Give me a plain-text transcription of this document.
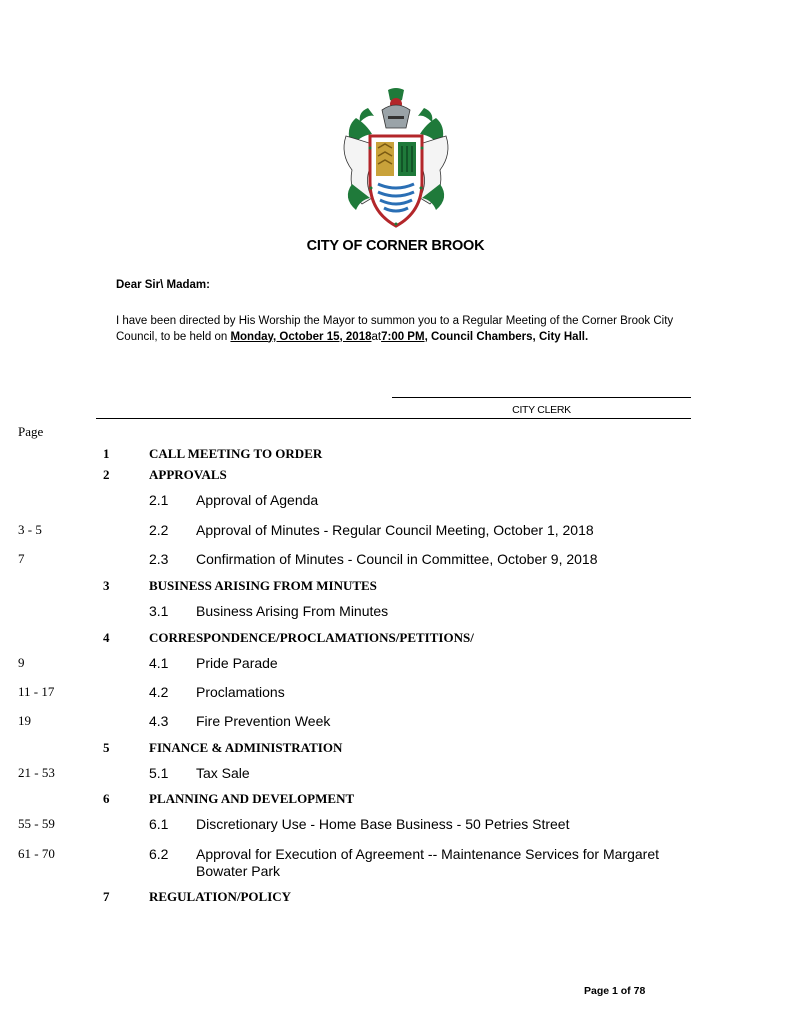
CITY OF CORNER BROOK
Dear Sir\ Madam:
I have been directed by His Worship the Mayor to summon you to a Regular Meeting of the Corner Brook City Council, to be held on Monday, October 15, 2018at7:00 PM, Council Chambers, City Hall.
CITY CLERK
Page
1	CALL MEETING TO ORDER
2	APPROVALS
2.1 Approval of Agenda
3 - 5	2.2 Approval of Minutes - Regular Council Meeting, October 1, 2018
7	2.3 Confirmation of Minutes - Council in Committee, October 9, 2018
3	BUSINESS ARISING FROM MINUTES
3.1 Business Arising From Minutes
4	CORRESPONDENCE/PROCLAMATIONS/PETITIONS/
9	4.1 Pride Parade
11 - 17	4.2 Proclamations
19	4.3 Fire Prevention Week
5	FINANCE & ADMINISTRATION
21 - 53	5.1 Tax Sale
6	PLANNING AND DEVELOPMENT
55 - 59	6.1 Discretionary Use - Home Base Business - 50 Petries Street
61 - 70	6.2 Approval for Execution of Agreement -- Maintenance Services for Margaret Bowater Park
7	REGULATION/POLICY
Page 1 of 78
